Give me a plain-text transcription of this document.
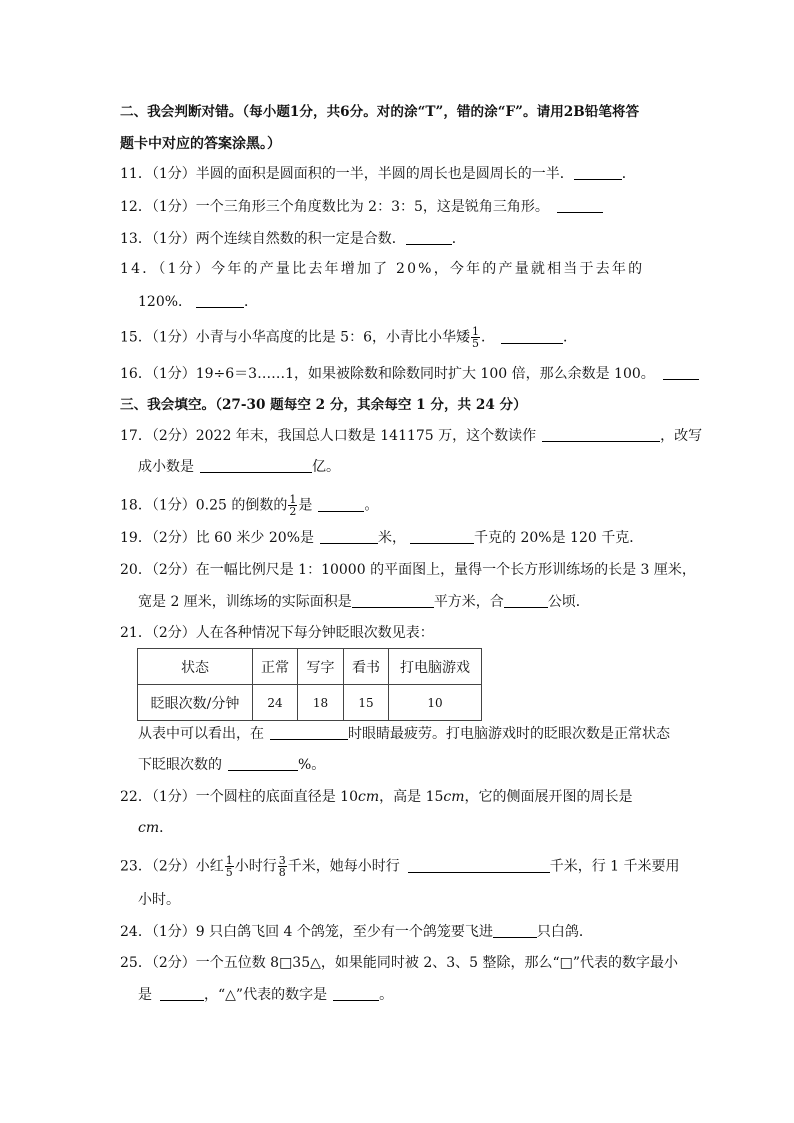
二、我会判断对错。（每小题1分，共6分。对的涂“T”，错的涂“F”。请用2B铅笔将答
题卡中对应的答案涂黑。）
11．（1分）半圆的面积是圆面积的一半，半圆的周长也是圆周长的一半．	．
12．（1分）一个三角形三个角度数比为 2：3：5，这是锐角三角形。
13．（1分）两个连续自然数的积一定是合数．	．
14．（1分）今年的产量比去年增加了 20%，今年的产量就相当于去年的
120%．	．
15．（1分）小青与小华高度的比是 5：6，小青比小华矮 $\frac{1}{5}$ ．	．
16．（1分）19÷6＝3……1，如果被除数和除数同时扩大 100 倍，那么余数是 100。
三、我会填空。（27-30 题每空 2 分，其余每空 1 分，共 24 分）
17．（2分）2022 年末，我国总人口数是 141175 万，这个数读作	，改写
成小数是	亿。
18．（1分）0.25 的倒数的 $\frac{1}{2}$ 是	。
19．（2分）比 60 米少 20%是	米，	千克的 20%是 120 千克．
20．（2分）在一幅比例尺是 1：10000 的平面图上，量得一个长方形训练场的长是 3 厘米，
宽是 2 厘米，训练场的实际面积是	平方米，合	公顷．
21．（2分）人在各种情况下每分钟眨眼次数见表：
状态	正常	写字	看书	打电脑游戏
眨眼次数/分钟	24	18	15	10
从表中可以看出，在	时眼睛最疲劳。打电脑游戏时的眨眼次数是正常状态
下眨眼次数的	%。
22．（1分）一个圆柱的底面直径是 10cm，高是 15cm，它的侧面展开图的周长是
cm．
23．（2分）小红 $\frac{1}{5}$ 小时行 $\frac{3}{8}$ 千米，她每小时行	千米，行 1 千米要用
小时。
24．（1分）9 只白鸽飞回 4 个鸽笼，至少有一个鸽笼要飞进	只白鸽．
25．（2分）一个五位数 8□35△，如果能同时被 2、3、5 整除，那么“□”代表的数字最小
是	，“△”代表的数字是	。
